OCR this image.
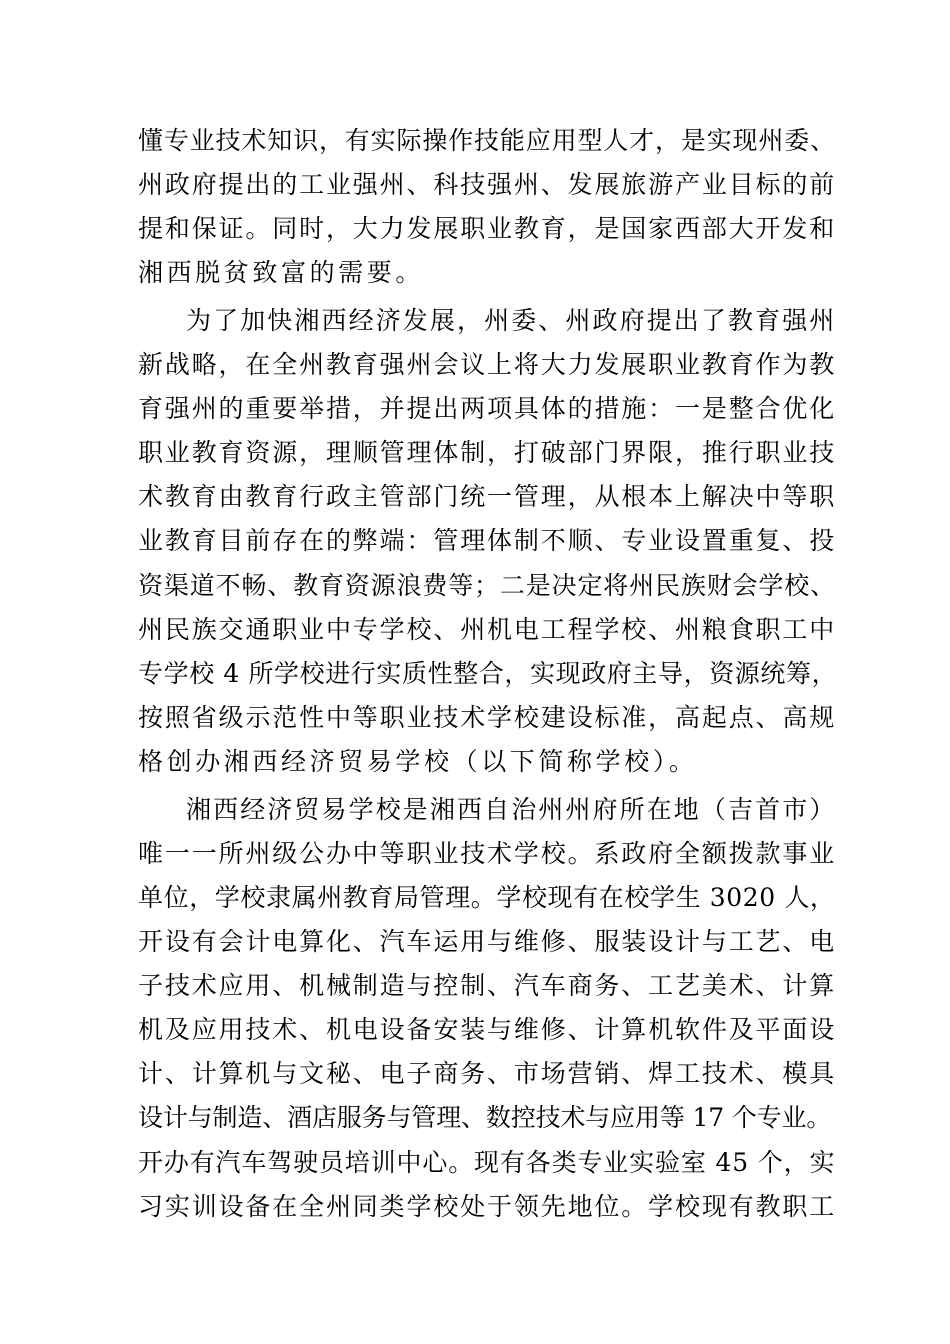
懂专业技术知识，有实际操作技能应用型人才，是实现州委、
州政府提出的工业强州、科技强州、发展旅游产业目标的前
提和保证。同时，大力发展职业教育，是国家西部大开发和
湘西脱贫致富的需要。
为了加快湘西经济发展，州委、州政府提出了教育强州
新战略，在全州教育强州会议上将大力发展职业教育作为教
育强州的重要举措，并提出两项具体的措施：一是整合优化
职业教育资源，理顺管理体制，打破部门界限，推行职业技
术教育由教育行政主管部门统一管理，从根本上解决中等职
业教育目前存在的弊端：管理体制不顺、专业设置重复、投
资渠道不畅、教育资源浪费等；二是决定将州民族财会学校、
州民族交通职业中专学校、州机电工程学校、州粮食职工中
专学校 4 所学校进行实质性整合，实现政府主导，资源统筹，
按照省级示范性中等职业技术学校建设标准，高起点、高规
格创办湘西经济贸易学校（以下简称学校）。
湘西经济贸易学校是湘西自治州州府所在地（吉首市）
唯一一所州级公办中等职业技术学校。系政府全额拨款事业
单位，学校隶属州教育局管理。学校现有在校学生 3020 人，
开设有会计电算化、汽车运用与维修、服装设计与工艺、电
子技术应用、机械制造与控制、汽车商务、工艺美术、计算
机及应用技术、机电设备安装与维修、计算机软件及平面设
计、计算机与文秘、电子商务、市场营销、焊工技术、模具
设计与制造、酒店服务与管理、数控技术与应用等 17 个专业。
开办有汽车驾驶员培训中心。现有各类专业实验室 45 个，实
习实训设备在全州同类学校处于领先地位。学校现有教职工
